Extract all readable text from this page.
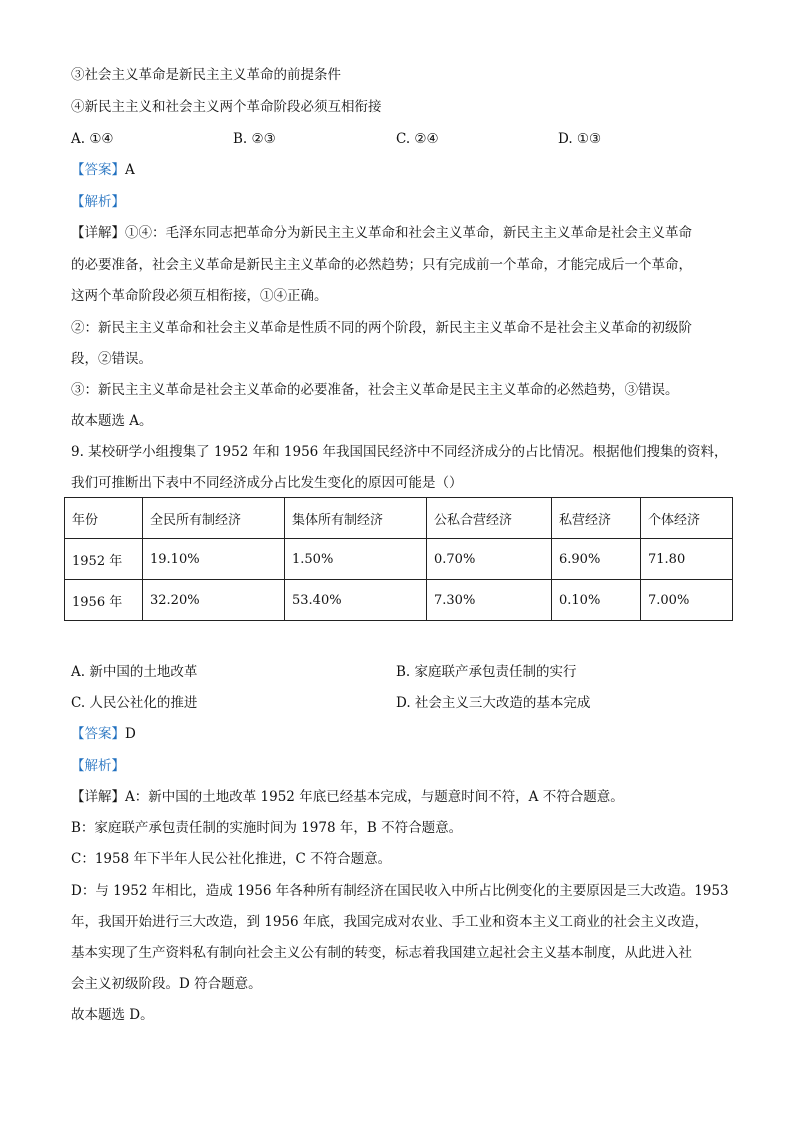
③社会主义革命是新民主主义革命的前提条件
④新民主主义和社会主义两个革命阶段必须互相衔接
A. ①④	B. ②③	C. ②④	D. ①③
【答案】A
【解析】
【详解】①④：毛泽东同志把革命分为新民主主义革命和社会主义革命，新民主主义革命是社会主义革命
的必要准备，社会主义革命是新民主主义革命的必然趋势；只有完成前一个革命，才能完成后一个革命，
这两个革命阶段必须互相衔接，①④正确。
②：新民主主义革命和社会主义革命是性质不同的两个阶段，新民主主义革命不是社会主义革命的初级阶
段，②错误。
③：新民主主义革命是社会主义革命的必要准备，社会主义革命是民主主义革命的必然趋势，③错误。
故本题选 A。
9. 某校研学小组搜集了 1952 年和 1956 年我国国民经济中不同经济成分的占比情况。根据他们搜集的资料，
我们可推断出下表中不同经济成分占比发生变化的原因可能是（）
年份	全民所有制经济	集体所有制经济	公私合营经济	私营经济	个体经济
1952 年	19.10%	1.50%	0.70%	6.90%	71.80
1956 年	32.20%	53.40%	7.30%	0.10%	7.00%
A. 新中国的土地改革	B. 家庭联产承包责任制的实行
C. 人民公社化的推进	D. 社会主义三大改造的基本完成
【答案】D
【解析】
【详解】A：新中国的土地改革 1952 年底已经基本完成，与题意时间不符，A 不符合题意。
B：家庭联产承包责任制的实施时间为 1978 年，B 不符合题意。
C：1958 年下半年人民公社化推进，C 不符合题意。
D：与 1952 年相比，造成 1956 年各种所有制经济在国民收入中所占比例变化的主要原因是三大改造。1953
年，我国开始进行三大改造，到 1956 年底，我国完成对农业、手工业和资本主义工商业的社会主义改造，
基本实现了生产资料私有制向社会主义公有制的转变，标志着我国建立起社会主义基本制度，从此进入社
会主义初级阶段。D 符合题意。
故本题选 D。
